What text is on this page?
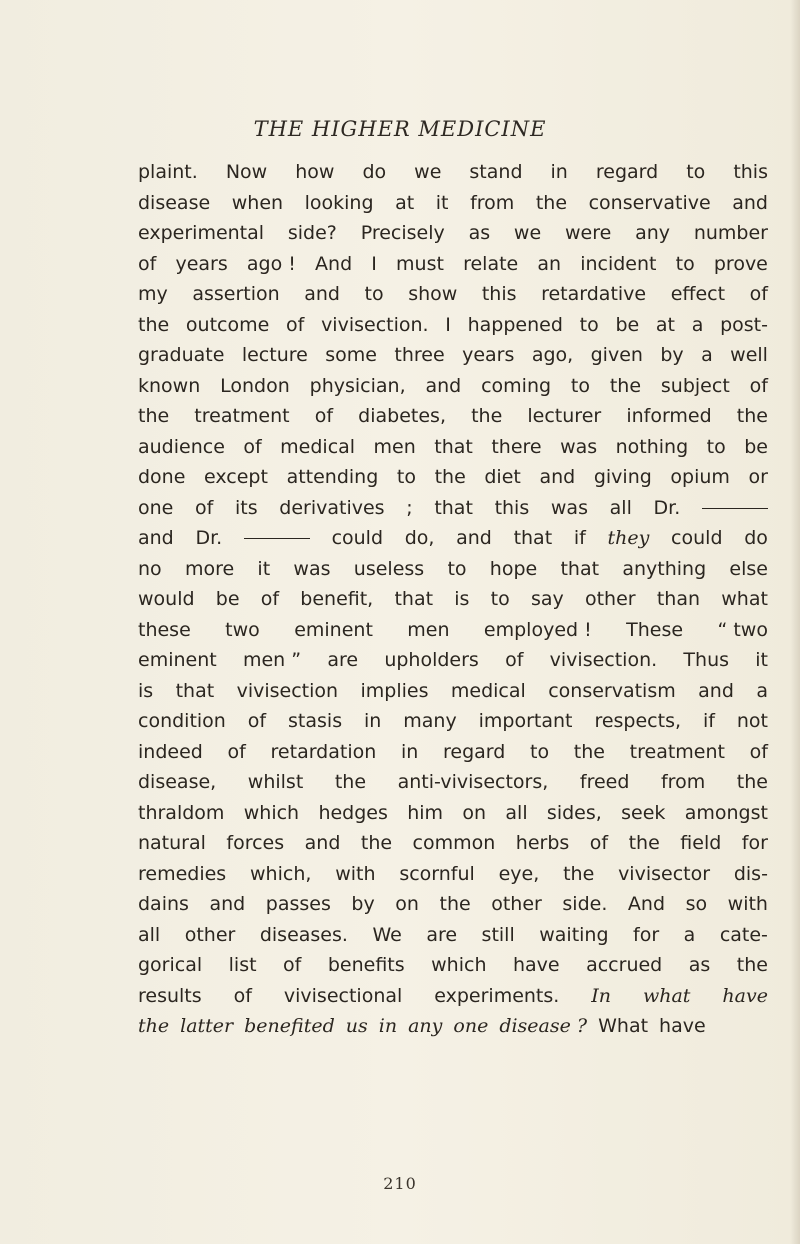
THE HIGHER MEDICINE
plaint. Now how do we stand in regard to this
disease when looking at it from the conservative and
experimental side? Precisely as we were any number
of years ago ! And I must relate an incident to prove
my assertion and to show this retardative effect of
the outcome of vivisection. I happened to be at a post-
graduate lecture some three years ago, given by a well
known London physician, and coming to the subject of
the treatment of diabetes, the lecturer informed the
audience of medical men that there was nothing to be
done except attending to the diet and giving opium or
one of its derivatives ; that this was all Dr.
and Dr.	could do, and that if they could do
no more it was useless to hope that anything else
would be of benefit, that is to say other than what
these two eminent men employed ! These “ two
eminent men ” are upholders of vivisection. Thus it
is that vivisection implies medical conservatism and a
condition of stasis in many important respects, if not
indeed of retardation in regard to the treatment of
disease, whilst the anti-vivisectors, freed from the
thraldom which hedges him on all sides, seek amongst
natural forces and the common herbs of the field for
remedies which, with scornful eye, the vivisector dis-
dains and passes by on the other side. And so with
all other diseases. We are still waiting for a cate-
gorical list of benefits which have accrued as the
results of vivisectional experiments. In what have
the latter benefited us in any one disease ? What have
210
